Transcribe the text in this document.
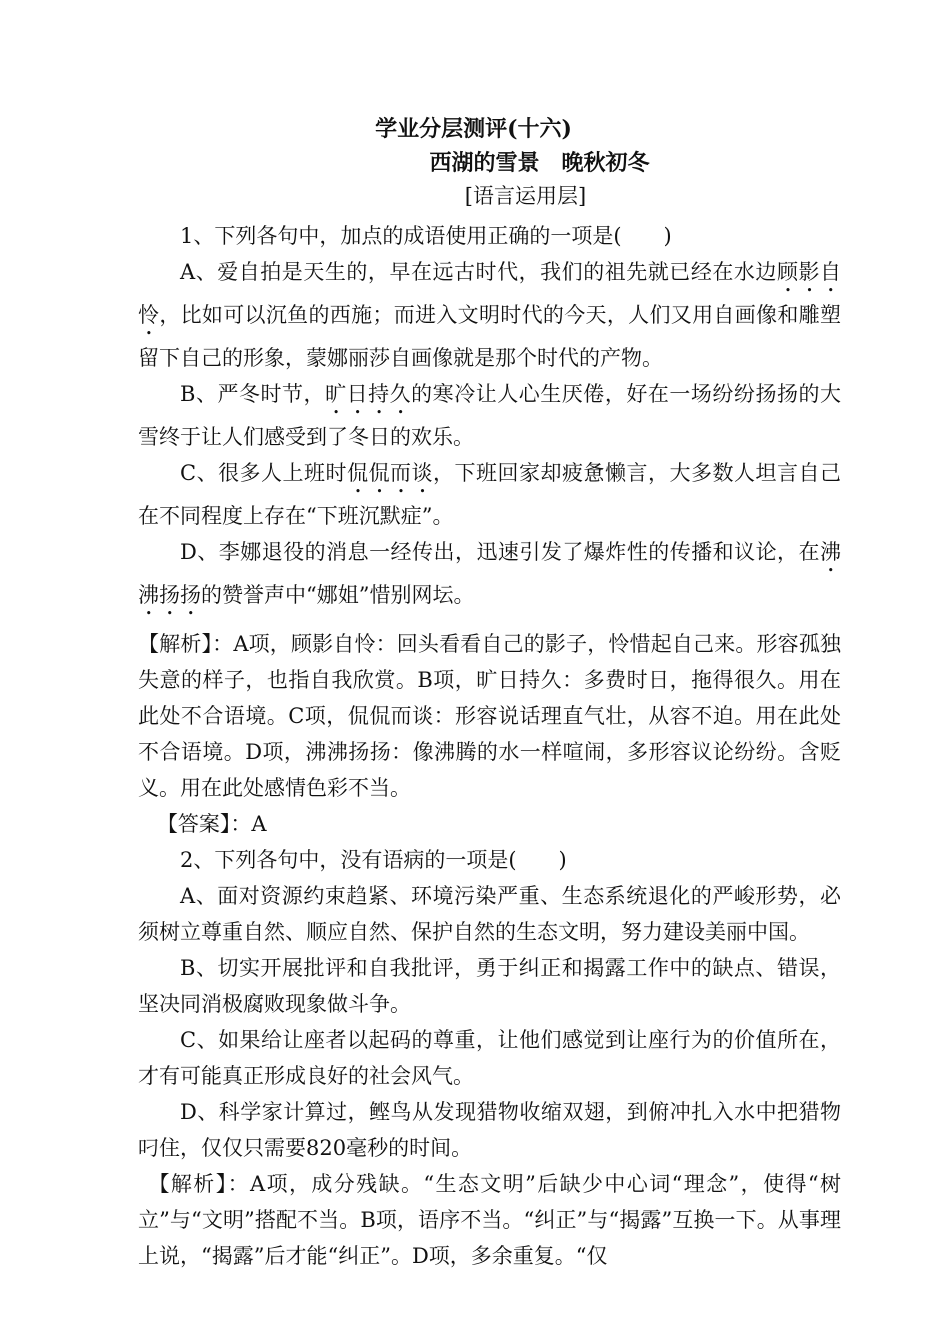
学业分层测评(十六)
西湖的雪景　晚秋初冬
[语言运用层]

1、下列各句中，加点的成语使用正确的一项是(　　)

A、爱自拍是天生的，早在远古时代，我们的祖先就已经在水边顾影自怜，比如可以沉鱼的西施；而进入文明时代的今天，人们又用自画像和雕塑留下自己的形象，蒙娜丽莎自画像就是那个时代的产物。

B、严冬时节，旷日持久的寒冷让人心生厌倦，好在一场纷纷扬扬的大雪终于让人们感受到了冬日的欢乐。

C、很多人上班时侃侃而谈，下班回家却疲惫懒言，大多数人坦言自己在不同程度上存在“下班沉默症”。

D、李娜退役的消息一经传出，迅速引发了爆炸性的传播和议论，在沸沸扬扬的赞誉声中“娜姐”惜别网坛。

【解析】：A项，顾影自怜：回头看看自己的影子，怜惜起自己来。形容孤独失意的样子，也指自我欣赏。B项，旷日持久：多费时日，拖得很久。用在此处不合语境。C项，侃侃而谈：形容说话理直气壮，从容不迫。用在此处不合语境。D项，沸沸扬扬：像沸腾的水一样喧闹，多形容议论纷纷。含贬义。用在此处感情色彩不当。

【答案】：A

2、下列各句中，没有语病的一项是(　　)

A、面对资源约束趋紧、环境污染严重、生态系统退化的严峻形势，必须树立尊重自然、顺应自然、保护自然的生态文明，努力建设美丽中国。

B、切实开展批评和自我批评，勇于纠正和揭露工作中的缺点、错误，坚决同消极腐败现象做斗争。

C、如果给让座者以起码的尊重，让他们感觉到让座行为的价值所在，才有可能真正形成良好的社会风气。

D、科学家计算过，鲣鸟从发现猎物收缩双翅，到俯冲扎入水中把猎物叼住，仅仅只需要820毫秒的时间。

【解析】：A项，成分残缺。“生态文明”后缺少中心词“理念”，使得“树立”与“文明”搭配不当。B项，语序不当。“纠正”与“揭露”互换一下。从事理上说，“揭露”后才能“纠正”。D项，多余重复。“仅
